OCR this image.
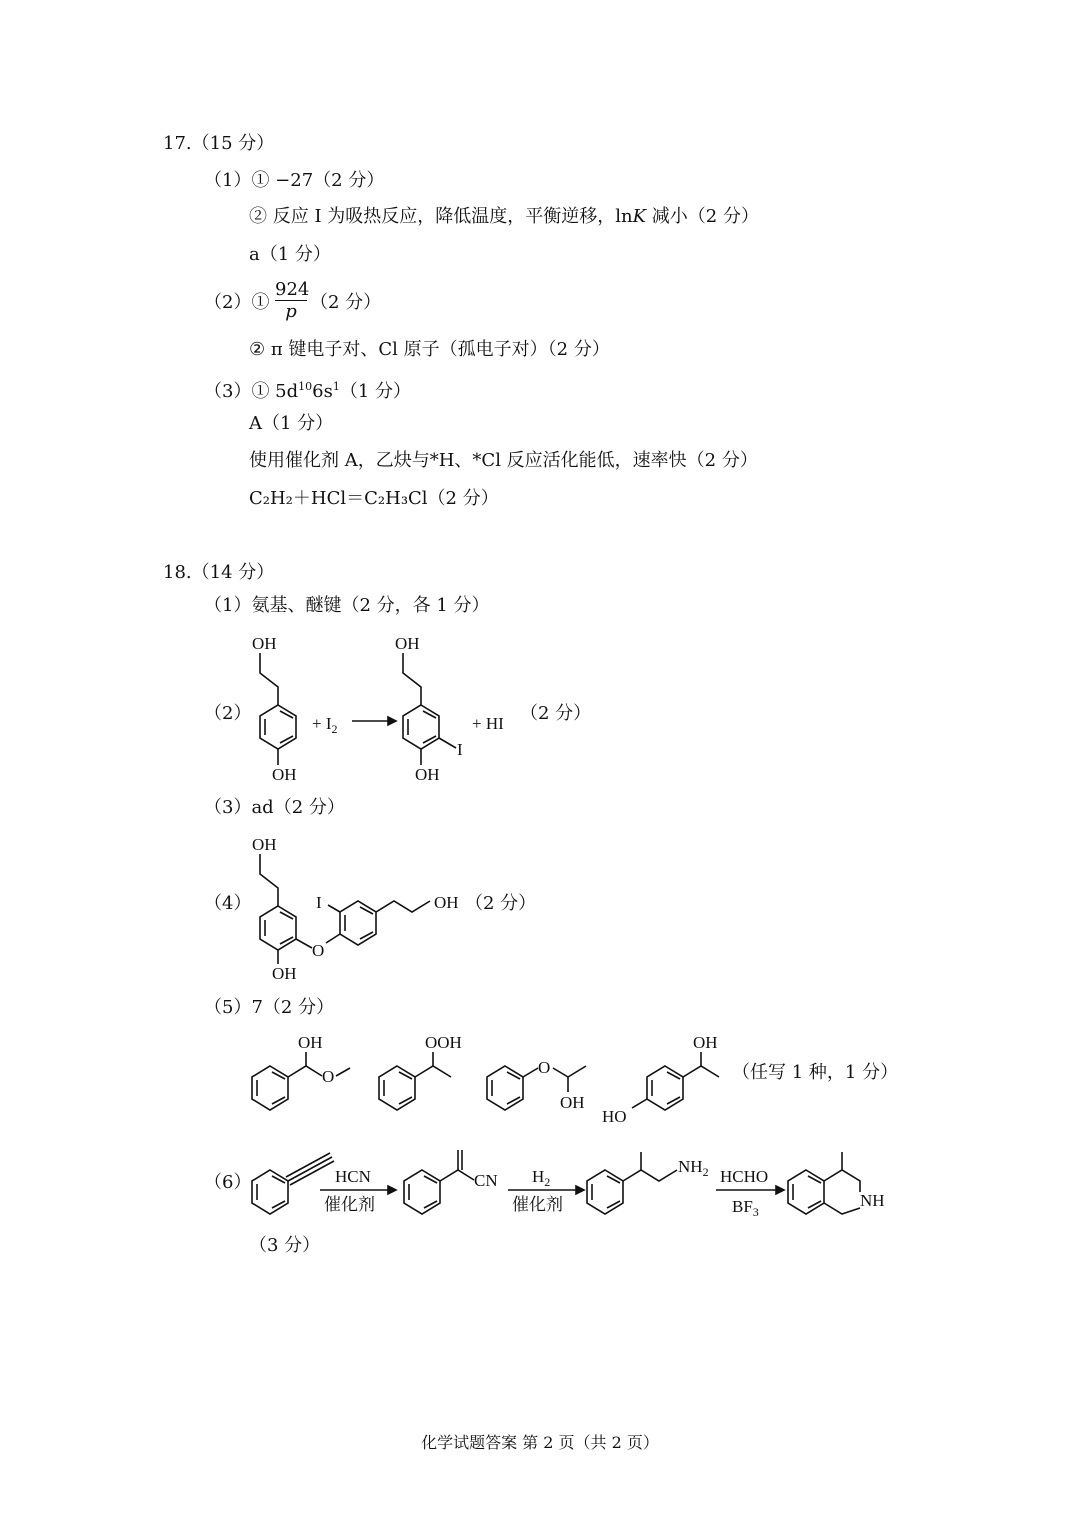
17.（15 分）
（1）① −27（2 分）
② 反应 I 为吸热反应，降低温度，平衡逆移，lnK 减小（2 分）
a（1 分）
（2）① $\frac{924}{p} (2$ 分）
② π 键电子对、Cl 原子（孤电子对）（2 分）
（3）① $5d^{10}6s^1(1$ 分）
A（1 分）
使用催化剂 A，乙炔与*H、*Cl 反应活化能低，速率快（2 分）
C₂H₂＋HCl＝C₂H₃Cl（2 分）
18.（14 分）
（1）氨基、醚键（2 分，各 1 分）
（2）
OH
OH
+ $I_2$
OH
I
OH
+ HI （2 分）
（3）ad（2 分）
（4）
OH
OH
O
I	OH （2 分）
（5）7（2 分）
OH
O
OOH
O
OH
HO
OH
（任写 1 种，1 分）
（6）	HCN
催化剂
CN $H_2$
催化剂
$NH_2$ HCHO
$BF_3$
NH
（3 分）
化学试题答案 第 2 页（共 2 页）
